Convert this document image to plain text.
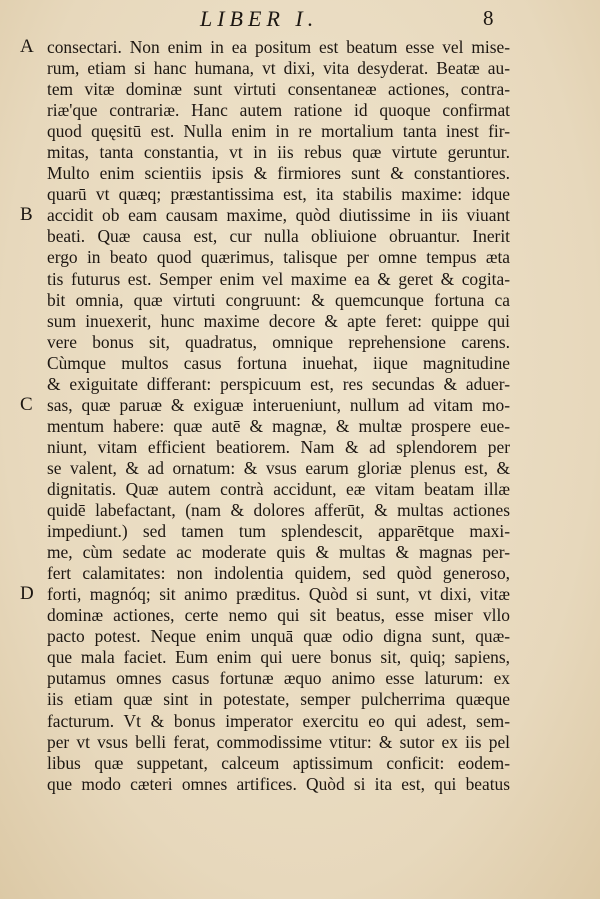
LIBER I.	8
A
B
C
D
consectari. Non enim in ea positum est beatum esse vel mise-
rum, etiam si hanc humana, vt dixi, vita desyderat. Beatæ au-
tem vitæ dominæ sunt virtuti consentaneæ actiones, contra-
riæ'que contrariæ. Hanc autem ratione id quoque confirmat
quod quęsitū est. Nulla enim in re mortalium tanta inest fir-
mitas, tanta constantia, vt in iis rebus quæ virtute geruntur.
Multo enim scientiis ipsis & firmiores sunt & constantiores.
quarū vt quæq; præstantissima est, ita stabilis maxime: idque
accidit ob eam causam maxime, quòd diutissime in iis viuant
beati. Quæ causa est, cur nulla obliuione obruantur. Inerit
ergo in beato quod quærimus, talisque per omne tempus æta
tis futurus est. Semper enim vel maxime ea & geret & cogita-
bit omnia, quæ virtuti congruunt: & quemcunque fortuna ca
sum inuexerit, hunc maxime decore & apte feret: quippe qui
vere bonus sit, quadratus, omnique reprehensione carens.
Cùmque multos casus fortuna inuehat, iique magnitudine
& exiguitate differant: perspicuum est, res secundas & aduer-
sas, quæ paruæ & exiguæ interueniunt, nullum ad vitam mo-
mentum habere: quæ autē & magnæ, & multæ prospere eue-
niunt, vitam efficient beatiorem. Nam & ad splendorem per
se valent, & ad ornatum: & vsus earum gloriæ plenus est, &
dignitatis. Quæ autem contrà accidunt, eæ vitam beatam illæ
quidē labefactant, (nam & dolores afferūt, & multas actiones
impediunt.) sed tamen tum splendescit, apparētque maxi-
me, cùm sedate ac moderate quis & multas & magnas per-
fert calamitates: non indolentia quidem, sed quòd generoso,
forti, magnóq; sit animo præditus. Quòd si sunt, vt dixi, vitæ
dominæ actiones, certe nemo qui sit beatus, esse miser vllo
pacto potest. Neque enim unquā quæ odio digna sunt, quæ-
que mala faciet. Eum enim qui uere bonus sit, quiq; sapiens,
putamus omnes casus fortunæ æquo animo esse laturum: ex
iis etiam quæ sint in potestate, semper pulcherrima quæque
facturum. Vt & bonus imperator exercitu eo qui adest, sem-
per vt vsus belli ferat, commodissime vtitur: & sutor ex iis pel
libus quæ suppetant, calceum aptissimum conficit: eodem-
que modo cæteri omnes artifices. Quòd si ita est, qui beatus
